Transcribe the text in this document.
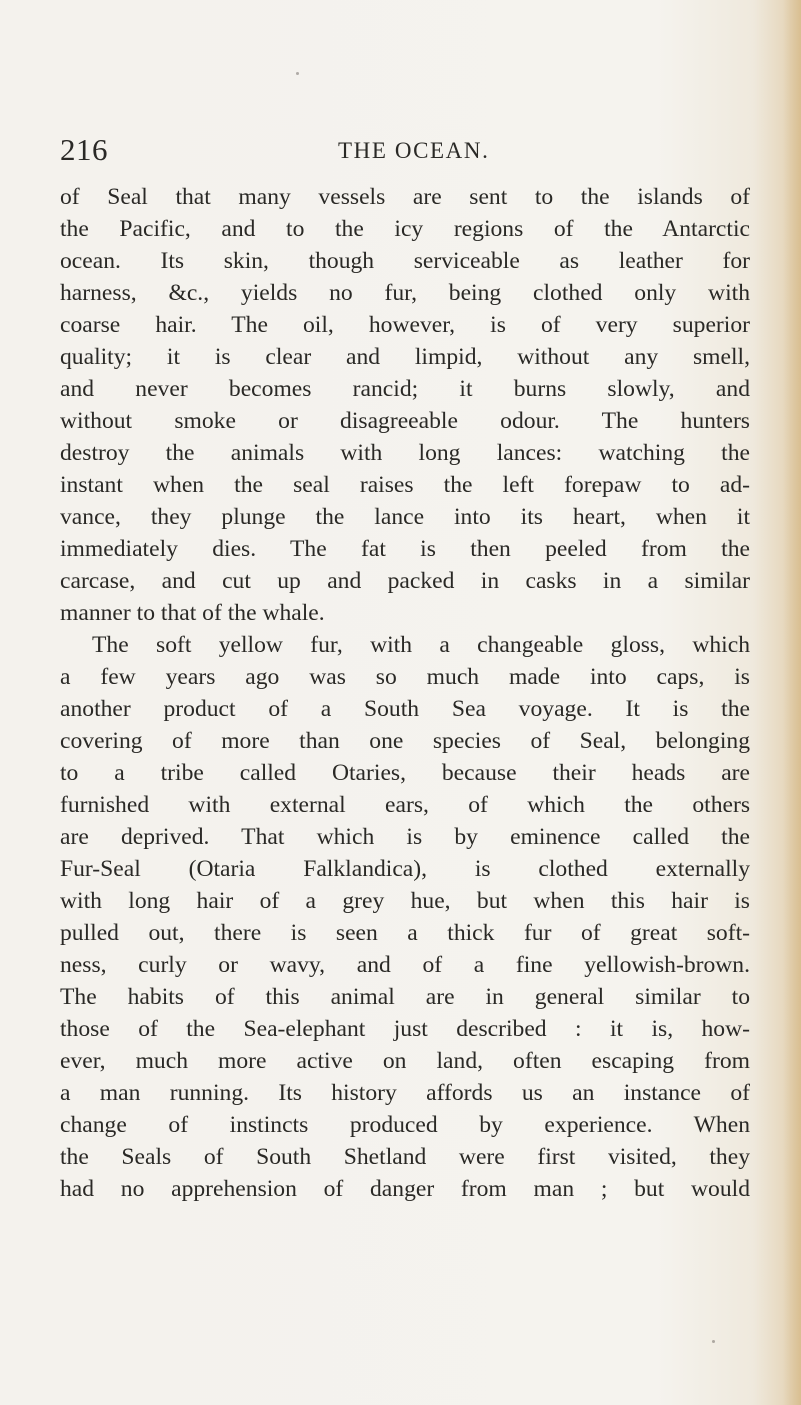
216	THE OCEAN.
of Seal that many vessels are sent to the islands of
the Pacific, and to the icy regions of the Antarctic
ocean. Its skin, though serviceable as leather for
harness, &c., yields no fur, being clothed only with
coarse hair. The oil, however, is of very superior
quality; it is clear and limpid, without any smell,
and never becomes rancid; it burns slowly, and
without smoke or disagreeable odour. The hunters
destroy the animals with long lances: watching the
instant when the seal raises the left forepaw to ad-
vance, they plunge the lance into its heart, when it
immediately dies. The fat is then peeled from the
carcase, and cut up and packed in casks in a similar
manner to that of the whale.
The soft yellow fur, with a changeable gloss, which
a few years ago was so much made into caps, is
another product of a South Sea voyage. It is the
covering of more than one species of Seal, belonging
to a tribe called Otaries, because their heads are
furnished with external ears, of which the others
are deprived. That which is by eminence called the
Fur-Seal (Otaria Falklandica), is clothed externally
with long hair of a grey hue, but when this hair is
pulled out, there is seen a thick fur of great soft-
ness, curly or wavy, and of a fine yellowish-brown.
The habits of this animal are in general similar to
those of the Sea-elephant just described : it is, how-
ever, much more active on land, often escaping from
a man running. Its history affords us an instance of
change of instincts produced by experience. When
the Seals of South Shetland were first visited, they
had no apprehension of danger from man ; but would
